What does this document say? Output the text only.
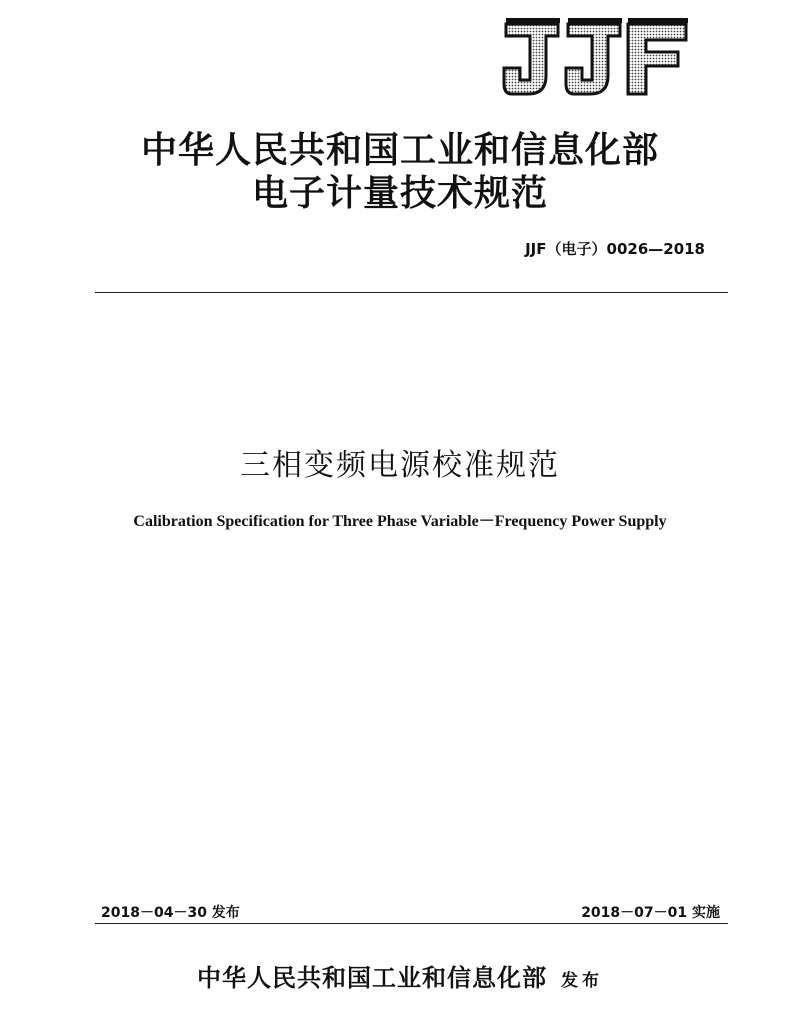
中华人民共和国工业和信息化部
电子计量技术规范
JJF（电子）0026—2018
三相变频电源校准规范
Calibration Specification for Three Phase Variable－Frequency Power Supply
2018－04－30 发布	2018－07－01 实施
中华人民共和国工业和信息化部 发布
